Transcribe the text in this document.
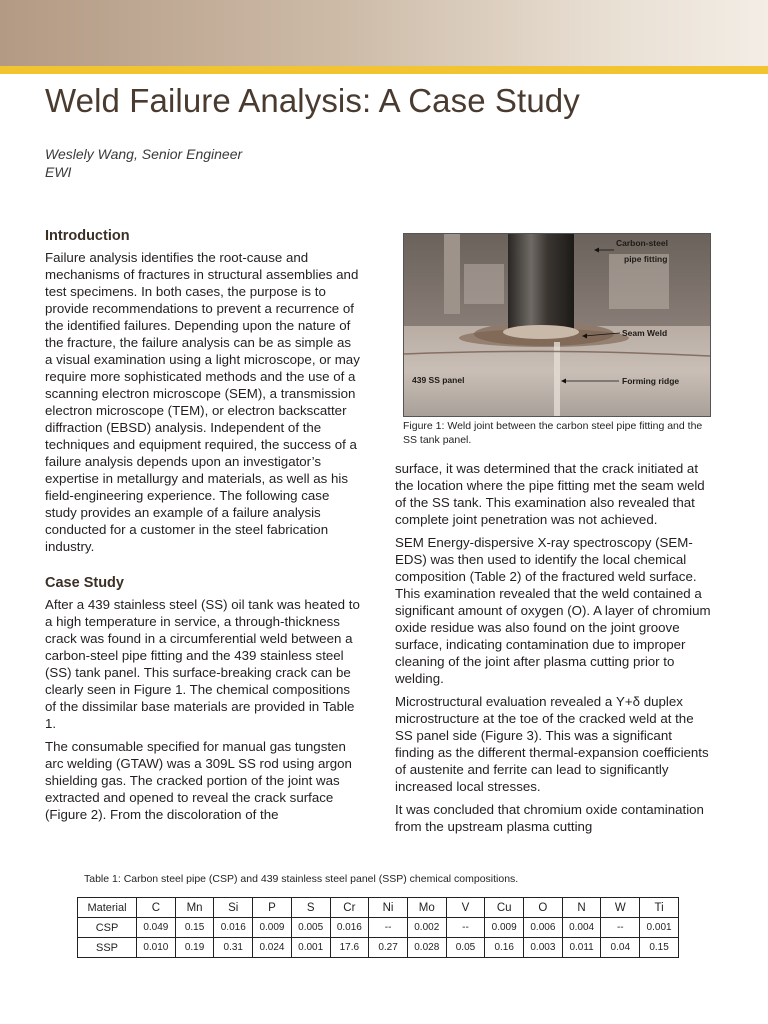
Weld Failure Analysis: A Case Study
Weslely Wang, Senior Engineer
EWI
Introduction

Failure analysis identifies the root-cause and mechanisms of fractures in structural assemblies and test specimens. In both cases, the purpose is to provide recommendations to prevent a recurrence of the identified failures. Depending upon the nature of the fracture, the failure analysis can be as simple as a visual examination using a light microscope, or may require more sophisticated methods and the use of a scanning electron microscope (SEM), a transmission electron microscope (TEM), or electron backscatter diffraction (EBSD) analysis. Independent of the techniques and equipment required, the success of a failure analysis depends upon an investigator’s expertise in metallurgy and materials, as well as his field-engineering experience. The following case study provides an example of a failure analysis conducted for a customer in the steel fabrication industry.

Case Study

After a 439 stainless steel (SS) oil tank was heated to a high temperature in service, a through-thickness crack was found in a circumferential weld between a carbon-steel pipe fitting and the 439 stainless steel (SS) tank panel. This surface-breaking crack can be clearly seen in Figure 1. The chemical compositions of the dissimilar base materials are provided in Table 1.

The consumable specified for manual gas tungsten arc welding (GTAW) was a 309L SS rod using argon shielding gas. The cracked portion of the joint was extracted and opened to reveal the crack surface (Figure 2). From the discoloration of the

Carbon-steel
pipe fitting
Seam Weld
439 SS panel	Forming ridge
Figure 1: Weld joint between the carbon steel pipe fitting and the SS tank panel.

surface, it was determined that the crack initiated at the location where the pipe fitting met the seam weld of the SS tank. This examination also revealed that complete joint penetration was not achieved.

SEM Energy-dispersive X-ray spectroscopy (SEM-EDS) was then used to identify the local chemical composition (Table 2) of the fractured weld surface. This examination revealed that the weld contained a significant amount of oxygen (O). A layer of chromium oxide residue was also found on the joint groove surface, indicating contamination due to improper cleaning of the joint after plasma cutting prior to welding.

Microstructural evaluation revealed a Υ+δ duplex microstructure at the toe of the cracked weld at the SS panel side (Figure 3). This was a significant finding as the different thermal-expansion coefficients of austenite and ferrite can lead to significantly increased local stresses.

It was concluded that chromium oxide contamination from the upstream plasma cutting

Table 1: Carbon steel pipe (CSP) and 439 stainless steel panel (SSP) chemical compositions.
Material	C	Mn	Si	P	S	Cr	Ni	Mo	V	Cu	O	N	W	Ti
CSP	0.049	0.15	0.016	0.009	0.005	0.016	--	0.002	--	0.009	0.006	0.004	--	0.001
SSP	0.010	0.19	0.31	0.024	0.001	17.6	0.27	0.028	0.05	0.16	0.003	0.011	0.04	0.15
